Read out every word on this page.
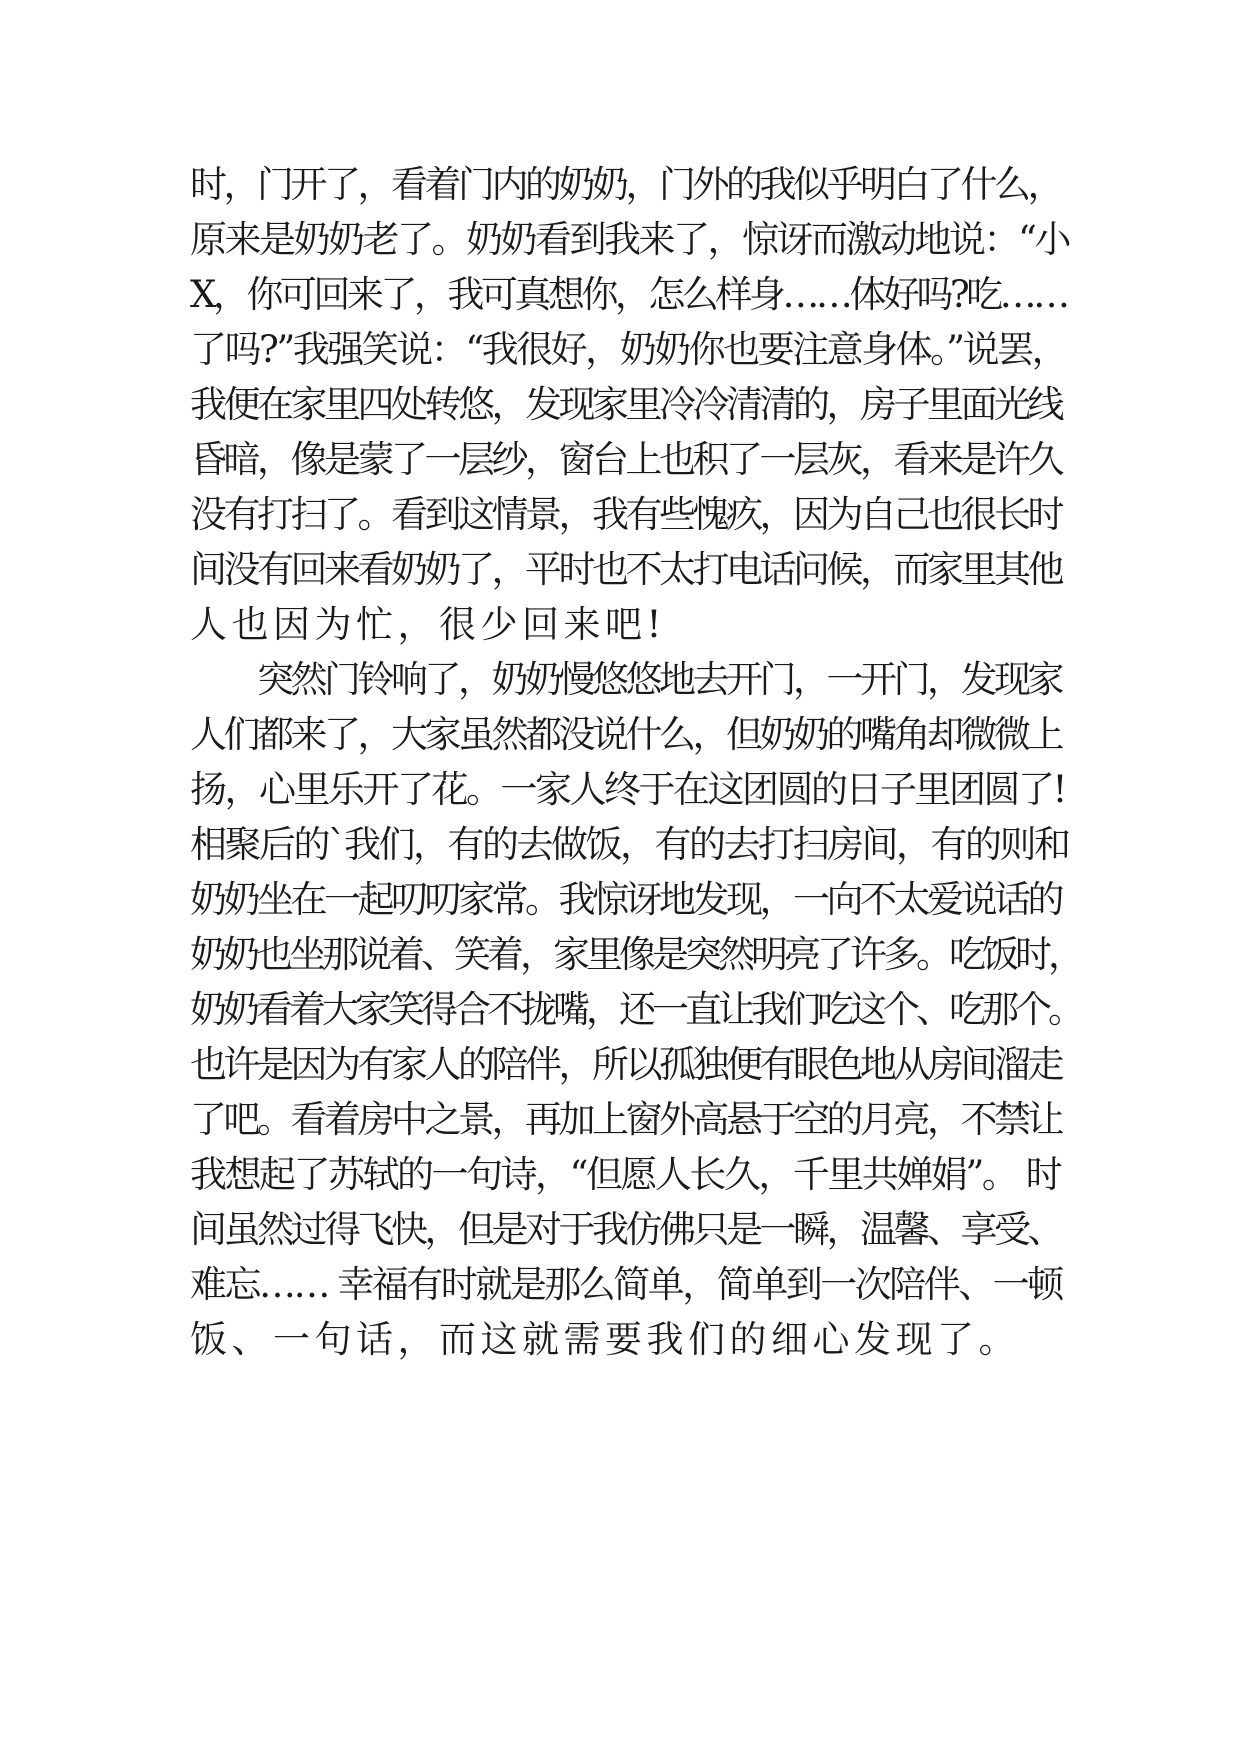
时，门开了，看着门内的奶奶，门外的我似乎明白了什么，
原来是奶奶老了。奶奶看到我来了，惊讶而激动地说：“小
X，你可回来了，我可真想你，怎么样身……体好吗?吃……
了吗?”我强笑说：“我很好，奶奶你也要注意身体。”说罢，
我便在家里四处转悠，发现家里冷冷清清的，房子里面光线
昏暗，像是蒙了一层纱，窗台上也积了一层灰，看来是许久
没有打扫了。看到这情景，我有些愧疚，因为自己也很长时
间没有回来看奶奶了，平时也不太打电话问候，而家里其他
人也因为忙，很少回来吧!
　　突然门铃响了，奶奶慢悠悠地去开门，一开门，发现家
人们都来了，大家虽然都没说什么，但奶奶的嘴角却微微上
扬，心里乐开了花。一家人终于在这团圆的日子里团圆了!
相聚后的`我们，有的去做饭，有的去打扫房间，有的则和
奶奶坐在一起叨叨家常。我惊讶地发现，一向不太爱说话的
奶奶也坐那说着、笑着，家里像是突然明亮了许多。吃饭时，
奶奶看着大家笑得合不拢嘴，还一直让我们吃这个、吃那个。
也许是因为有家人的陪伴，所以孤独便有眼色地从房间溜走
了吧。看着房中之景，再加上窗外高悬于空的月亮，不禁让
我想起了苏轼的一句诗，“但愿人长久，千里共婵娟”。 时
间虽然过得飞快，但是对于我仿佛只是一瞬，温馨、享受、
难忘…… 幸福有时就是那么简单，简单到一次陪伴、一顿
饭、一句话，而这就需要我们的细心发现了。
